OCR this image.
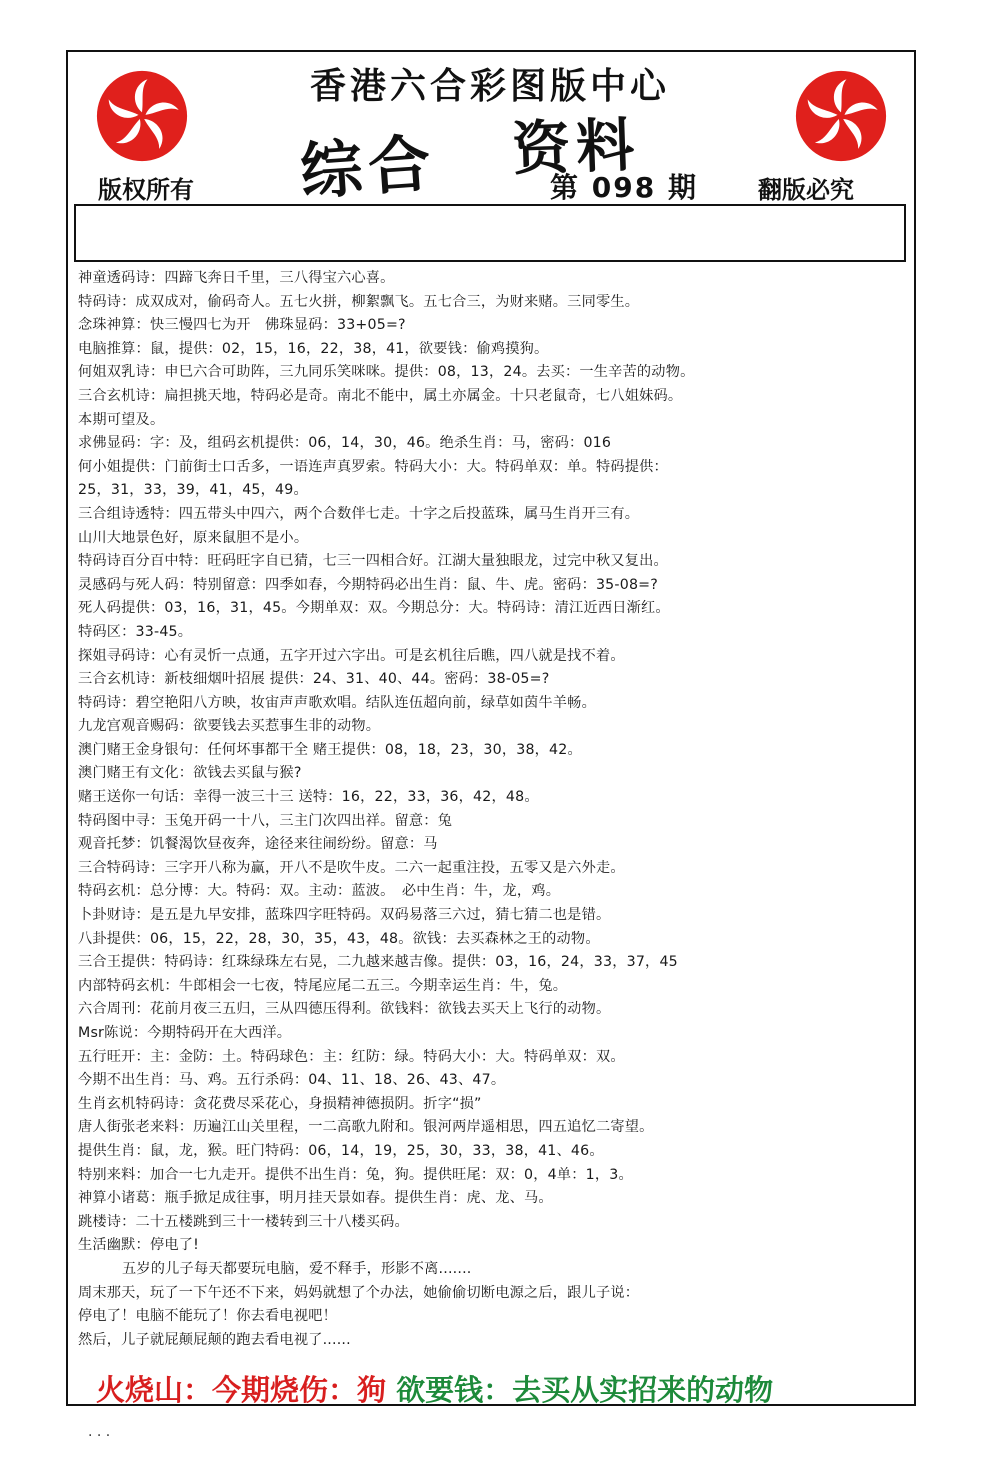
香港六合彩图版中心
综合 资料
第 098 期
版权所有	翻版必究
神童透码诗：四蹄飞奔日千里，三八得宝六心喜。
特码诗：成双成对，偷码奇人。五七火拼，柳絮飘飞。五七合三，为财来赌。三同零生。
念珠神算：快三慢四七为开　佛珠显码：33+05=?
电脑推算：鼠，提供：02，15，16，22，38，41，欲要钱：偷鸡摸狗。
何姐双乳诗：申巳六合可助阵，三九同乐笑咪咪。提供：08，13，24。去买：一生辛苦的动物。
三合玄机诗：扁担挑天地，特码必是奇。南北不能中，属土亦属金。十只老鼠奇，七八姐妹码。
本期可望及。
求佛显码：字：及，组码玄机提供：06，14，30，46。绝杀生肖：马，密码：016
何小姐提供：门前街士口舌多，一语连声真罗索。特码大小：大。特码单双：单。特码提供：
25，31，33，39，41，45，49。
三合组诗透特：四五带头中四六，两个合数伴七走。十字之后投蓝珠，属马生肖开三有。
山川大地景色好，原来鼠胆不是小。
特码诗百分百中特：旺码旺字自已猜，七三一四相合好。江湖大量独眼龙，过完中秋又复出。
灵感码与死人码：特别留意：四季如春，今期特码必出生肖：鼠、牛、虎。密码：35-08=?
死人码提供：03，16，31，45。今期单双：双。今期总分：大。特码诗：清江近西日渐红。
特码区：33-45。
探姐寻码诗：心有灵忻一点通，五字开过六字出。可是玄机往后瞧，四八就是找不着。
三合玄机诗：新枝细烟叶招展 提供：24、31、40、44。密码：38-05=?
特码诗：碧空艳阳八方映，妆宙声声歌欢唱。结队连伍超向前，绿草如茵牛羊畅。
九龙宫观音赐码：欲要钱去买惹事生非的动物。
澳门赌王金身银句：任何坏事都干全 赌王提供：08，18，23，30，38，42。
澳门赌王有文化：欲钱去买鼠与猴?
赌王送你一句话：幸得一波三十三 送特：16，22，33，36，42，48。
特码图中寻：玉兔开码一十八，三主门次四出祥。留意：兔
观音托梦：饥餐渴饮昼夜奔，途径来往闹纷纷。留意：马
三合特码诗：三字开八称为赢，开八不是吹牛皮。二六一起重注投，五零又是六外走。
特码玄机：总分博：大。特码：双。主动：蓝波。　必中生肖：牛，龙，鸡。
卜卦财诗：是五是九早安排，蓝珠四字旺特码。双码易落三六过，猜七猜二也是错。
八卦提供：06，15，22，28，30，35，43，48。欲钱：去买森林之王的动物。
三合王提供：特码诗：红珠绿珠左右晃，二九越来越吉像。提供：03，16，24，33，37，45
内部特码玄机：牛郎相会一七夜，特尾应尾二五三。今期幸运生肖：牛，兔。
六合周刊：花前月夜三五归，三从四德压得利。欲钱料：欲钱去买天上飞行的动物。
Msr陈说：今期特码开在大西洋。
五行旺开：主：金防：土。特码球色：主：红防：绿。特码大小：大。特码单双：双。
今期不出生肖：马、鸡。五行杀码：04、11、18、26、43、47。
生肖玄机特码诗：贪花费尽采花心，身损精神德损阴。折字“损”
唐人街张老来料：历遍江山关里程，一二高歌九附和。银河两岸遥相思，四五追忆二寄望。
提供生肖：鼠，龙，猴。旺门特码：06，14，19，25，30，33，38，41、46。
特别来料：加合一七九走开。提供不出生肖：兔，狗。提供旺尾：双：0，4单：1，3。
神算小诸葛：瓶手掀足成往事，明月挂天景如春。提供生肖：虎、龙、马。
跳楼诗：二十五楼跳到三十一楼转到三十八楼买码。
生活幽默：停电了!
五岁的儿子每天都要玩电脑，爱不释手，形影不离.......
周末那天，玩了一下午还不下来，妈妈就想了个办法，她偷偷切断电源之后，跟儿子说：
停电了！电脑不能玩了！你去看电视吧！
然后，儿子就屁颠屁颠的跑去看电视了......
火烧山：今期烧伤：狗 欲要钱：去买从实招来的动物
. . .
